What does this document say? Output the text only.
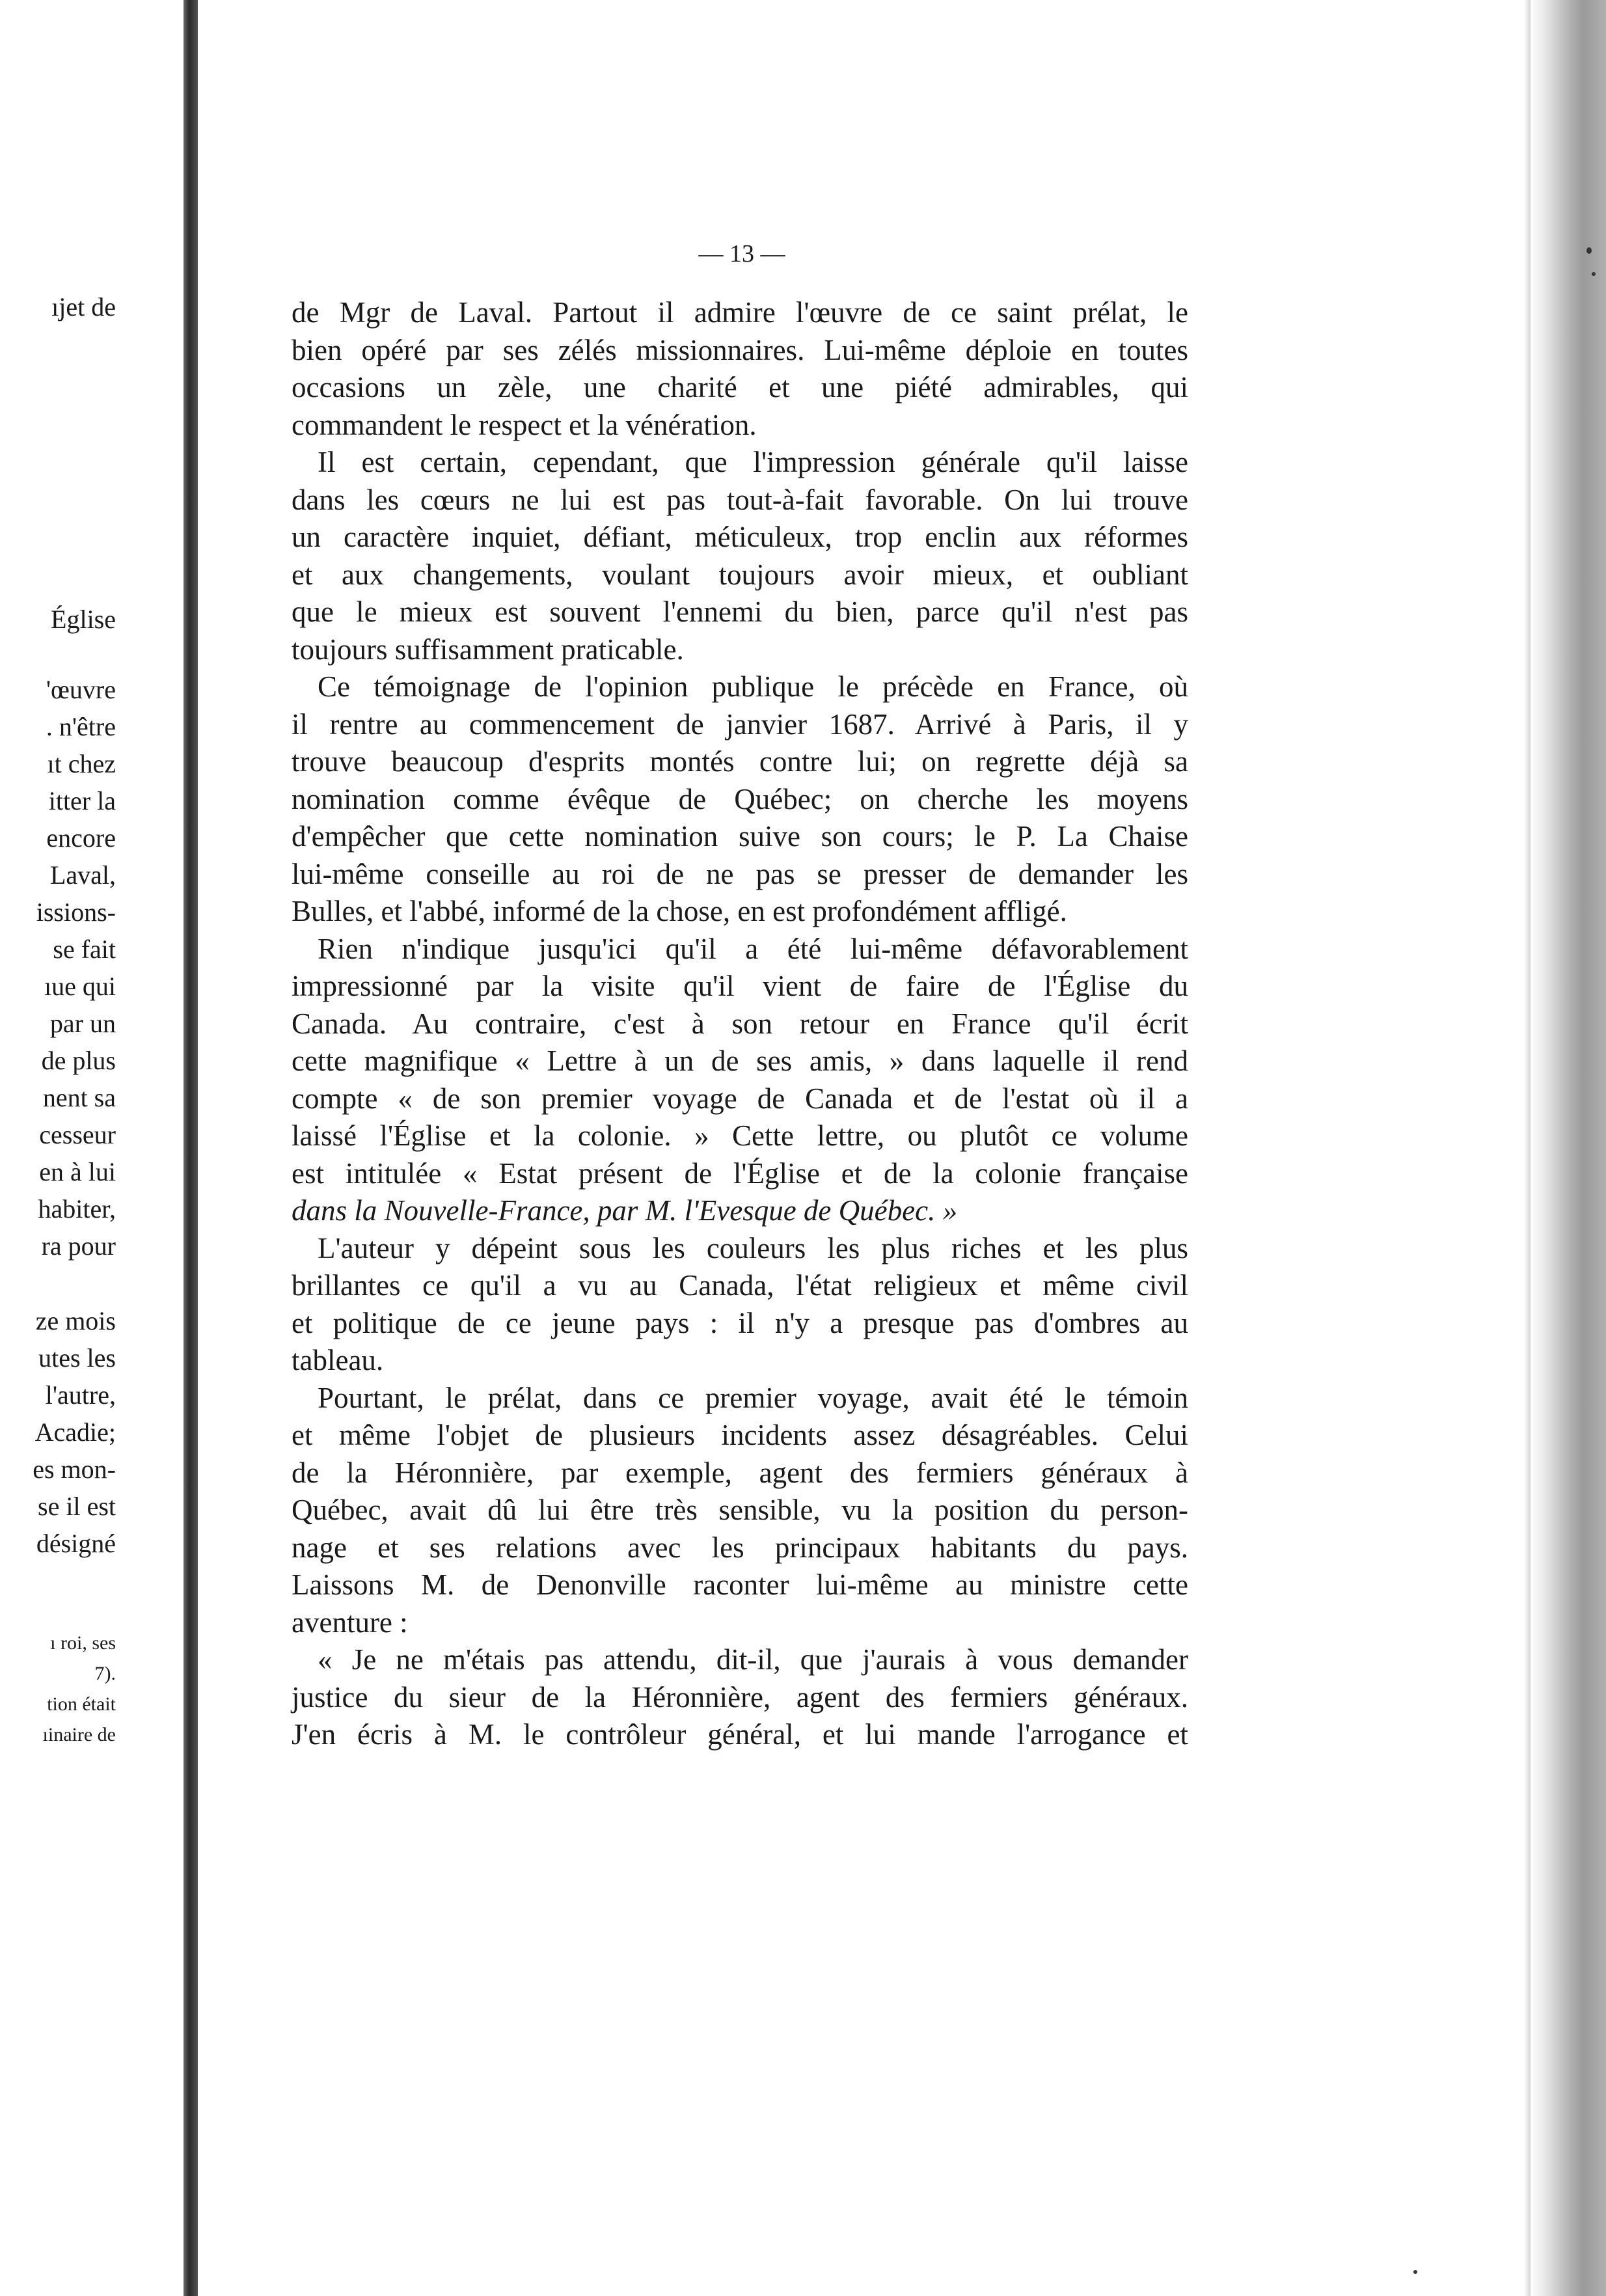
ıjet de
Église
'œuvre
. n'être
ıt chez
itter la
encore
Laval,
issions-
se fait
ıue qui
par un
de plus
nent sa
cesseur
en à lui
habiter,
ra pour
ze mois
utes les
l'autre,
Acadie;
es mon-
se il est
désigné
ı roi, ses
7).
tion était
ıinaire de
— 13 —
de Mgr de Laval. Partout il admire l'œuvre de ce saint prélat, le
bien opéré par ses zélés missionnaires. Lui-même déploie en toutes
occasions un zèle, une charité et une piété admirables, qui
commandent le respect et la vénération.
Il est certain, cependant, que l'impression générale qu'il laisse
dans les cœurs ne lui est pas tout-à-fait favorable. On lui trouve
un caractère inquiet, défiant, méticuleux, trop enclin aux réformes
et aux changements, voulant toujours avoir mieux, et oubliant
que le mieux est souvent l'ennemi du bien, parce qu'il n'est pas
toujours suffisamment praticable.
Ce témoignage de l'opinion publique le précède en France, où
il rentre au commencement de janvier 1687. Arrivé à Paris, il y
trouve beaucoup d'esprits montés contre lui; on regrette déjà sa
nomination comme évêque de Québec; on cherche les moyens
d'empêcher que cette nomination suive son cours; le P. La Chaise
lui-même conseille au roi de ne pas se presser de demander les
Bulles, et l'abbé, informé de la chose, en est profondément affligé.
Rien n'indique jusqu'ici qu'il a été lui-même défavorablement
impressionné par la visite qu'il vient de faire de l'Église du
Canada. Au contraire, c'est à son retour en France qu'il écrit
cette magnifique « Lettre à un de ses amis, » dans laquelle il rend
compte « de son premier voyage de Canada et de l'estat où il a
laissé l'Église et la colonie. » Cette lettre, ou plutôt ce volume
est intitulée « Estat présent de l'Église et de la colonie française
dans la Nouvelle-France, par M. l'Evesque de Québec. »
L'auteur y dépeint sous les couleurs les plus riches et les plus
brillantes ce qu'il a vu au Canada, l'état religieux et même civil
et politique de ce jeune pays : il n'y a presque pas d'ombres au
tableau.
Pourtant, le prélat, dans ce premier voyage, avait été le témoin
et même l'objet de plusieurs incidents assez désagréables. Celui
de la Héronnière, par exemple, agent des fermiers généraux à
Québec, avait dû lui être très sensible, vu la position du person-
nage et ses relations avec les principaux habitants du pays.
Laissons M. de Denonville raconter lui-même au ministre cette
aventure :
« Je ne m'étais pas attendu, dit-il, que j'aurais à vous demander
justice du sieur de la Héronnière, agent des fermiers généraux.
J'en écris à M. le contrôleur général, et lui mande l'arrogance et
